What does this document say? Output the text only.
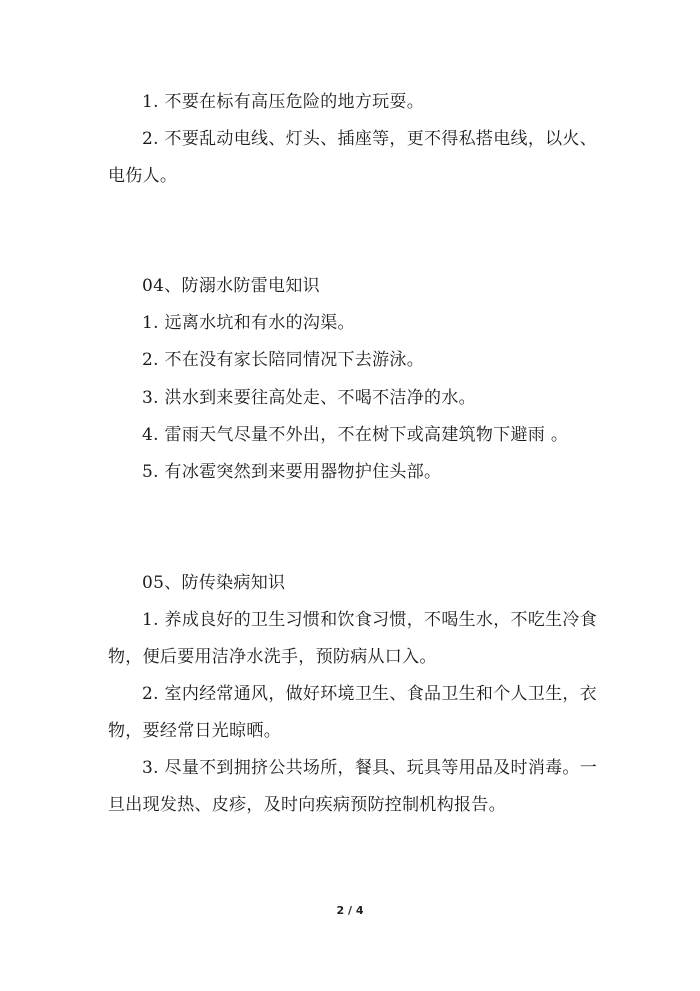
1. 不要在标有高压危险的地方玩耍。

2. 不要乱动电线、灯头、插座等，更不得私搭电线，以火、电伤人。

04、防溺水防雷电知识

1. 远离水坑和有水的沟渠。

2. 不在没有家长陪同情况下去游泳。

3. 洪水到来要往高处走、不喝不洁净的水。

4. 雷雨天气尽量不外出，不在树下或高建筑物下避雨 。

5. 有冰雹突然到来要用器物护住头部。

05、防传染病知识

1. 养成良好的卫生习惯和饮食习惯，不喝生水，不吃生冷食物，便后要用洁净水洗手，预防病从口入。

2. 室内经常通风，做好环境卫生、食品卫生和个人卫生，衣物，要经常日光晾晒。

3. 尽量不到拥挤公共场所，餐具、玩具等用品及时消毒。一旦出现发热、皮疹，及时向疾病预防控制机构报告。

2 / 4
